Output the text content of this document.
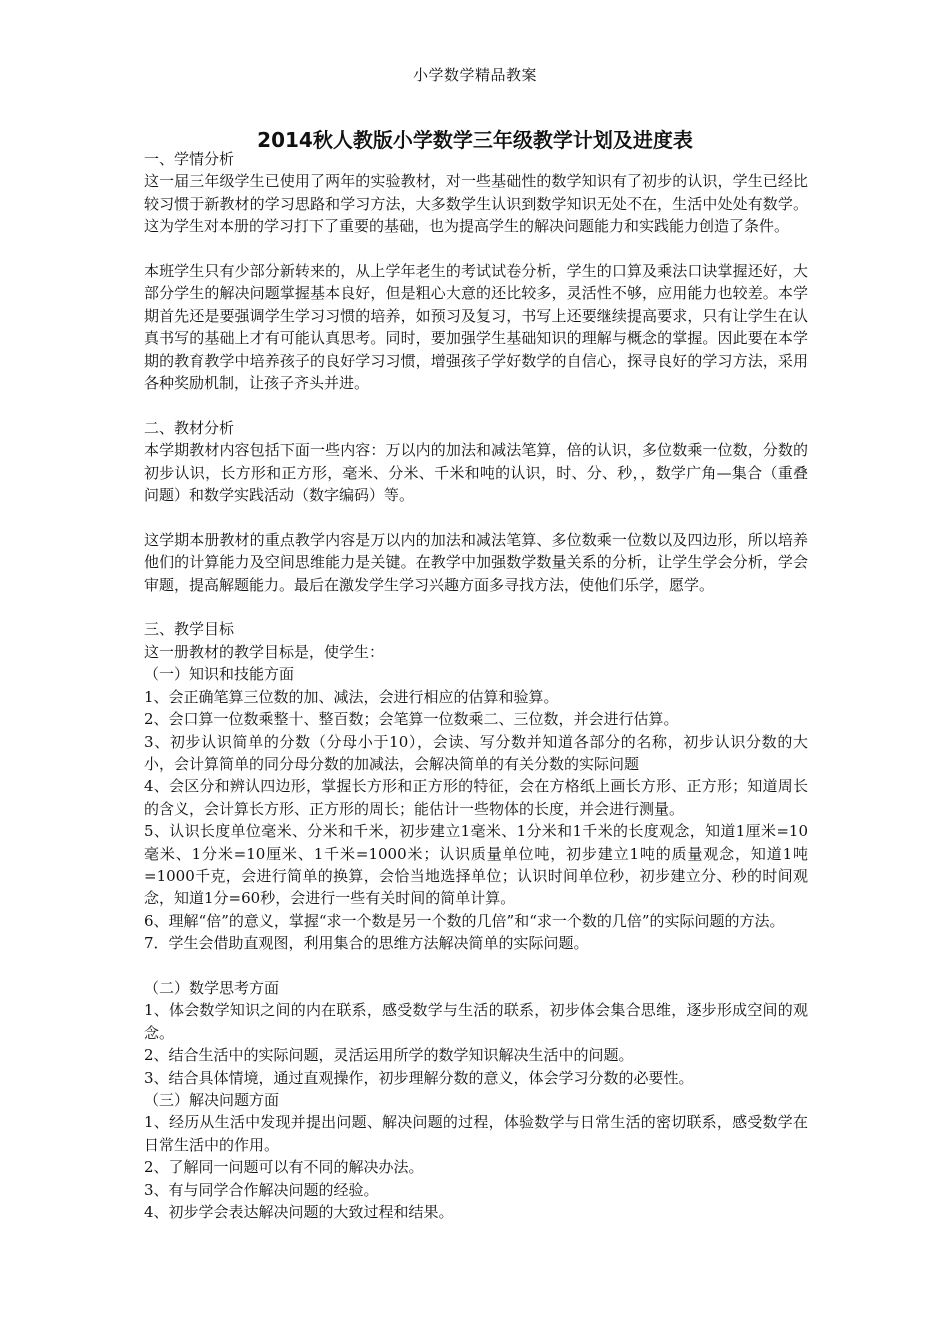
小学数学精品教案
2014秋人教版小学数学三年级教学计划及进度表

一、学情分析

这一届三年级学生已使用了两年的实验教材，对一些基础性的数学知识有了初步的认识，学生已经比较习惯于新教材的学习思路和学习方法，大多数学生认识到数学知识无处不在，生活中处处有数学。这为学生对本册的学习打下了重要的基础，也为提高学生的解决问题能力和实践能力创造了条件。

本班学生只有少部分新转来的，从上学年老生的考试试卷分析，学生的口算及乘法口诀掌握还好，大部分学生的解决问题掌握基本良好，但是粗心大意的还比较多，灵活性不够，应用能力也较差。本学期首先还是要强调学生学习习惯的培养，如预习及复习，书写上还要继续提高要求，只有让学生在认真书写的基础上才有可能认真思考。同时，要加强学生基础知识的理解与概念的掌握。因此要在本学期的教育教学中培养孩子的良好学习习惯，增强孩子学好数学的自信心，探寻良好的学习方法，采用各种奖励机制，让孩子齐头并进。

二、教材分析

本学期教材内容包括下面一些内容：万以内的加法和减法笔算，倍的认识，多位数乘一位数，分数的初步认识，长方形和正方形，毫米、分米、千米和吨的认识，时、分、秒，，数学广角—集合（重叠问题）和数学实践活动（数字编码）等。

这学期本册教材的重点教学内容是万以内的加法和减法笔算、多位数乘一位数以及四边形，所以培养他们的计算能力及空间思维能力是关键。在教学中加强数学数量关系的分析，让学生学会分析，学会审题，提高解题能力。最后在激发学生学习兴趣方面多寻找方法，使他们乐学，愿学。

三、教学目标

这一册教材的教学目标是，使学生：

（一）知识和技能方面

1、会正确笔算三位数的加、减法，会进行相应的估算和验算。

2、会口算一位数乘整十、整百数；会笔算一位数乘二、三位数，并会进行估算。

3、初步认识简单的分数（分母小于10），会读、写分数并知道各部分的名称，初步认识分数的大小，会计算简单的同分母分数的加减法，会解决简单的有关分数的实际问题

4、会区分和辨认四边形，掌握长方形和正方形的特征，会在方格纸上画长方形、正方形；知道周长的含义，会计算长方形、正方形的周长；能估计一些物体的长度，并会进行测量。

5、认识长度单位毫米、分米和千米，初步建立1毫米、1分米和1千米的长度观念，知道1厘米=10毫米、1分米=10厘米、1千米=1000米；认识质量单位吨，初步建立1吨的质量观念，知道1吨=1000千克，会进行简单的换算，会恰当地选择单位；认识时间单位秒，初步建立分、秒的时间观念，知道1分=60秒，会进行一些有关时间的简单计算。

6、理解“倍”的意义，掌握“求一个数是另一个数的几倍”和“求一个数的几倍”的实际问题的方法。

7．学生会借助直观图，利用集合的思维方法解决简单的实际问题。

（二）数学思考方面

1、体会数学知识之间的内在联系，感受数学与生活的联系，初步体会集合思维，逐步形成空间的观念。

2、结合生活中的实际问题，灵活运用所学的数学知识解决生活中的问题。

3、结合具体情境，通过直观操作，初步理解分数的意义，体会学习分数的必要性。

（三）解决问题方面

1、经历从生活中发现并提出问题、解决问题的过程，体验数学与日常生活的密切联系，感受数学在日常生活中的作用。

2、了解同一问题可以有不同的解决办法。

3、有与同学合作解决问题的经验。

4、初步学会表达解决问题的大致过程和结果。
